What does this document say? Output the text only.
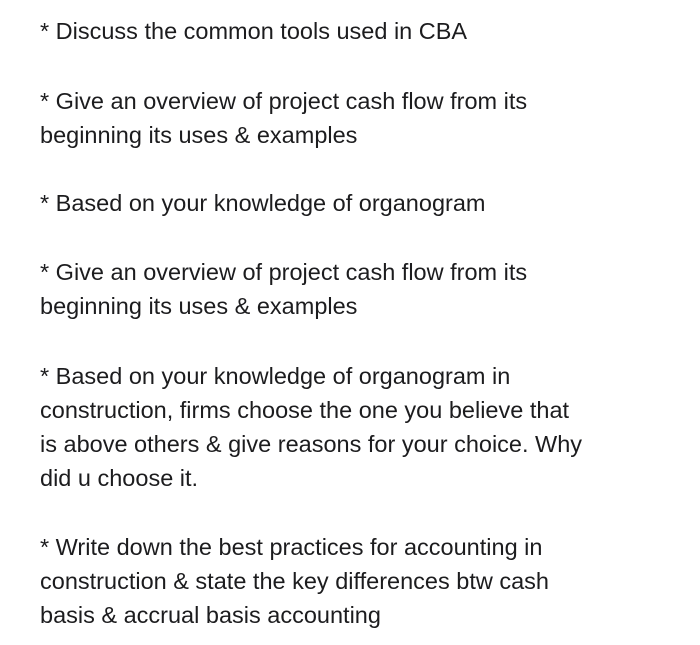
* Discuss the common tools used in CBA

* Give an overview of project cash flow from its
beginning its uses & examples

* Based on your knowledge of organogram

* Give an overview of project cash flow from its
beginning its uses & examples

* Based on your knowledge of organogram in
construction, firms choose the one you believe that
is above others & give reasons for your choice. Why
did u choose it.

* Write down the best practices for accounting in
construction & state the key differences btw cash
basis & accrual basis accounting
